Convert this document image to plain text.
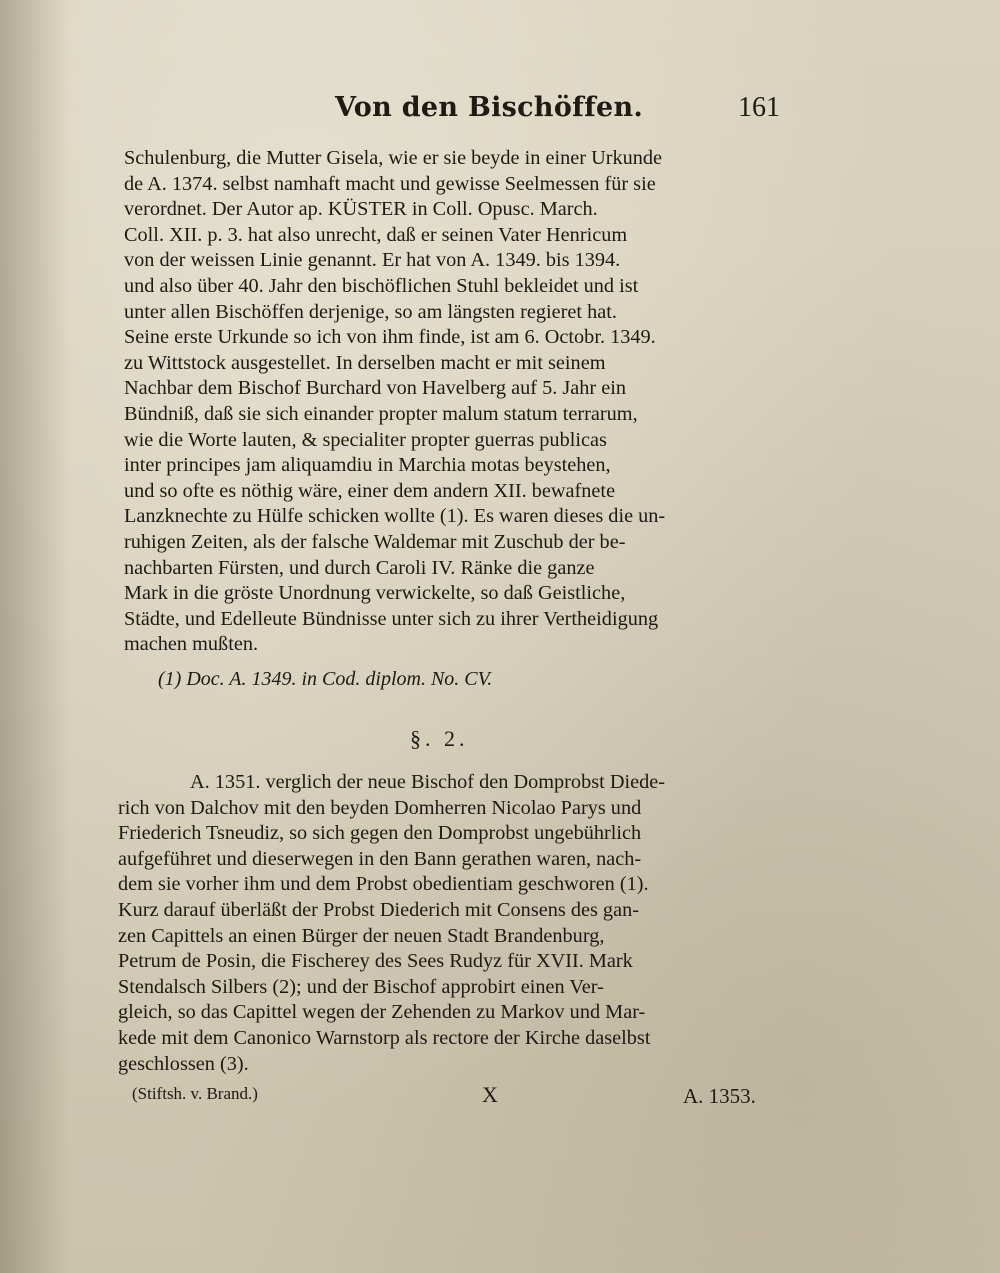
Von den Bischöffen.	161
Schulenburg, die Mutter Gisela, wie er sie beyde in einer Urkunde
de A. 1374. selbst namhaft macht und gewisse Seelmessen für sie
verordnet. Der Autor ap. KÜSTER in Coll. Opusc. March.
Coll. XII. p. 3. hat also unrecht, daß er seinen Vater Henricum
von der weissen Linie genannt. Er hat von A. 1349. bis 1394.
und also über 40. Jahr den bischöflichen Stuhl bekleidet und ist
unter allen Bischöffen derjenige, so am längsten regieret hat.
Seine erste Urkunde so ich von ihm finde, ist am 6. Octobr. 1349.
zu Wittstock ausgestellet. In derselben macht er mit seinem
Nachbar dem Bischof Burchard von Havelberg auf 5. Jahr ein
Bündniß, daß sie sich einander propter malum statum terrarum,
wie die Worte lauten, & specialiter propter guerras publicas
inter principes jam aliquamdiu in Marchia motas beystehen,
und so ofte es nöthig wäre, einer dem andern XII. bewafnete
Lanzknechte zu Hülfe schicken wollte (1). Es waren dieses die un-
ruhigen Zeiten, als der falsche Waldemar mit Zuschub der be-
nachbarten Fürsten, und durch Caroli IV. Ränke die ganze
Mark in die gröste Unordnung verwickelte, so daß Geistliche,
Städte, und Edelleute Bündnisse unter sich zu ihrer Vertheidigung
machen mußten.
(1) Doc. A. 1349. in Cod. diplom. No. CV.
§. 2.
A. 1351. verglich der neue Bischof den Domprobst Diede-
rich von Dalchov mit den beyden Domherren Nicolao Parys und
Friederich Tsneudiz, so sich gegen den Domprobst ungebührlich
aufgeführet und dieserwegen in den Bann gerathen waren, nach-
dem sie vorher ihm und dem Probst obedientiam geschworen (1).
Kurz darauf überläßt der Probst Diederich mit Consens des gan-
zen Capittels an einen Bürger der neuen Stadt Brandenburg,
Petrum de Posin, die Fischerey des Sees Rudyz für XVII. Mark
Stendalsch Silbers (2); und der Bischof approbirt einen Ver-
gleich, so das Capittel wegen der Zehenden zu Markov und Mar-
kede mit dem Canonico Warnstorp als rectore der Kirche daselbst
geschlossen (3).
(Stiftsh. v. Brand.)	X	A. 1353.
